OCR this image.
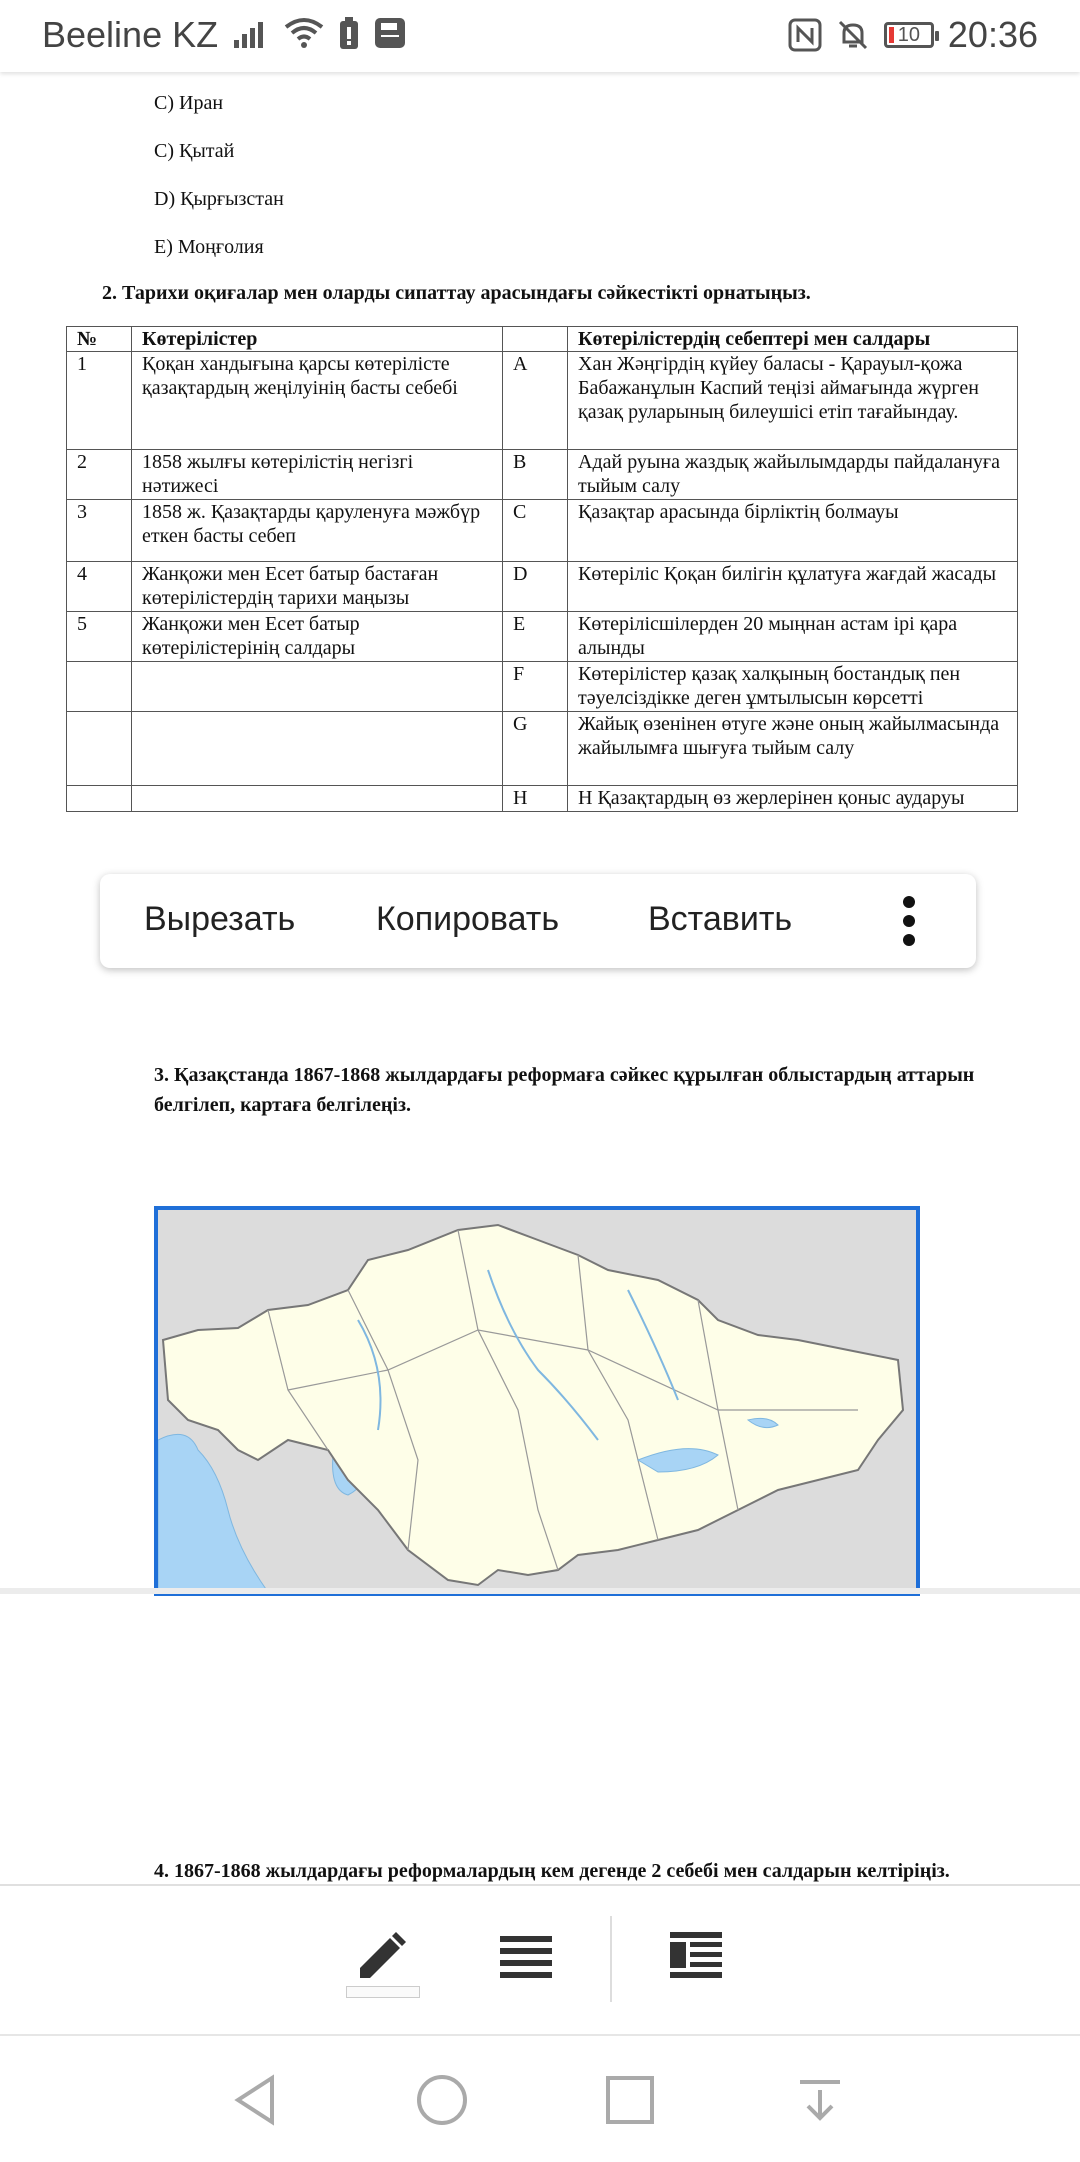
Beeline KZ	10 20:36
C) Иран
C) Қытай
D) Қырғызстан
E) Моңғолия
2. Тарихи оқиғалар мен оларды сипаттау арасындағы сәйкестікті орнатыңыз.
№	Көтерілістер		Көтерілістердің себептері мен салдары
1	Қоқан хандығына қарсы көтерілісте қазақтардың жеңілуінің басты себебі	A	Хан Жәңгірдің күйеу баласы - Қарауыл-қожа Бабажанұлын Каспий теңізі аймағында жүрген қазақ руларының билеушісі етіп тағайындау.
2	1858 жылғы көтерілістің негізгі нәтижесі	B	Адай руына жаздық жайылымдарды пайдалануға тыйым салу
3	1858 ж. Қазақтарды қаруленуға мәжбүр еткен басты себеп	C	Қазақтар арасында бірліктің болмауы
4	Жанқожи мен Есет батыр бастаған көтерілістердің тарихи маңызы	D	Көтеріліс Қоқан билігін құлатуға жағдай жасады
5	Жанқожи мен Есет батыр көтерілістерінің салдары	E	Көтерілісшілерден 20 мыңнан астам ірі қара алынды
		F	Көтерілістер қазақ халқының бостандық пен тәуелсіздікке деген ұмтылысын көрсетті
		G	Жайық өзенінен өтуге және оның жайылмасында жайылымға шығуға тыйым салу
		H	Н Қазақтардың өз жерлерінен қоныс аударуы
3. Қазақстанда 1867-1868 жылдардағы реформаға сәйкес құрылған облыстардың аттарын белгілеп, картаға белгілеңіз.
4. 1867-1868 жылдардағы реформалардың кем дегенде 2 себебі мен салдарын келтіріңіз.
Вырезать Копировать	Вставить
